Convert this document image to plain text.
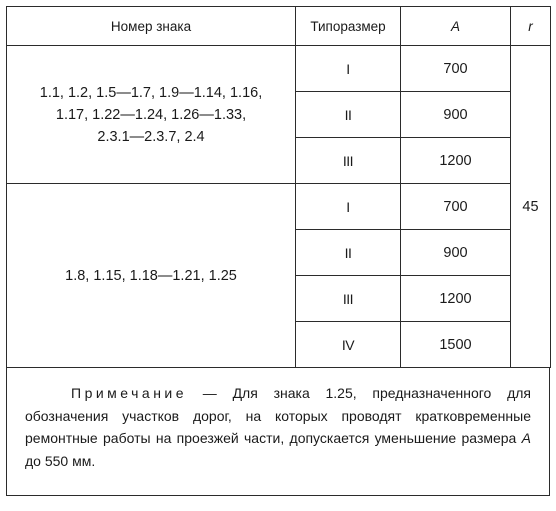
Номер знака	Типоразмер	A	r

1.1, 1.2, 1.5—1.7, 1.9—1.14, 1.16,
1.17, 1.22—1.24, 1.26—1.33,
2.3.1—2.3.7, 2.4	I	700	45
	II	900	
	III	1200	
1.8, 1.15, 1.18—1.21, 1.25	I	700	
	II	900	
	III	1200	
	IV	1500	
Примечание — Для знака 1.25, предназначенного для обозначения участков дорог, на которых проводят кратковременные ремонтные работы на проезжей части, допускается уменьшение размера A до 550 мм.
